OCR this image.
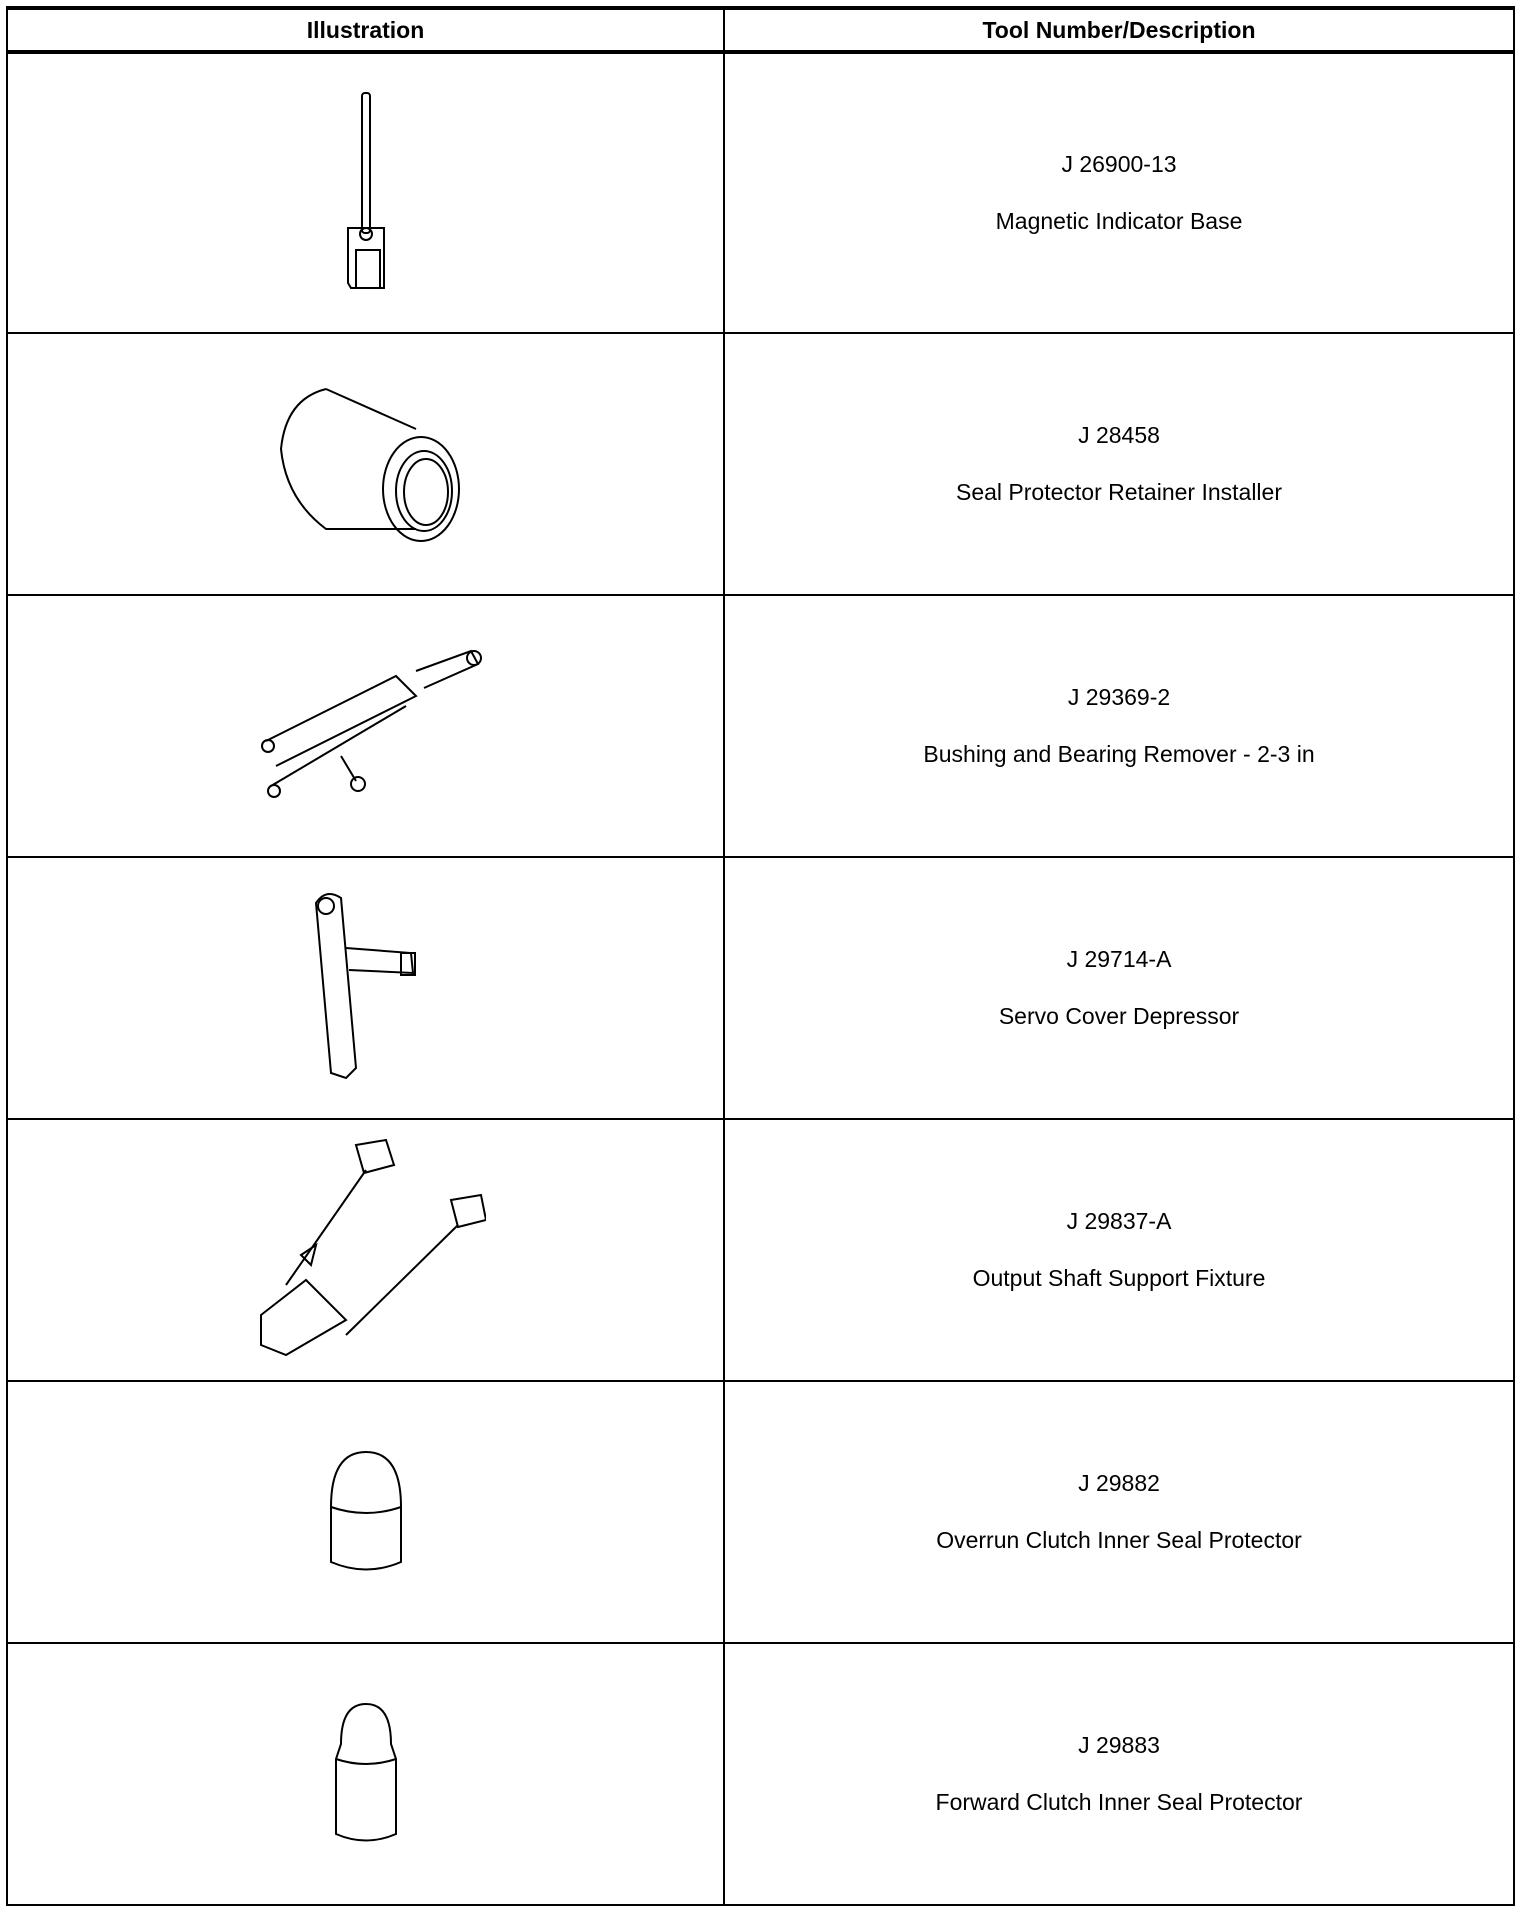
Illustration	Tool Number/Description

J 26900-13
Magnetic Indicator Base

J 28458
Seal Protector Retainer Installer

J 29369-2
Bushing and Bearing Remover - 2-3 in

J 29714-A
Servo Cover Depressor

J 29837-A
Output Shaft Support Fixture

J 29882
Overrun Clutch Inner Seal Protector

J 29883
Forward Clutch Inner Seal Protector
